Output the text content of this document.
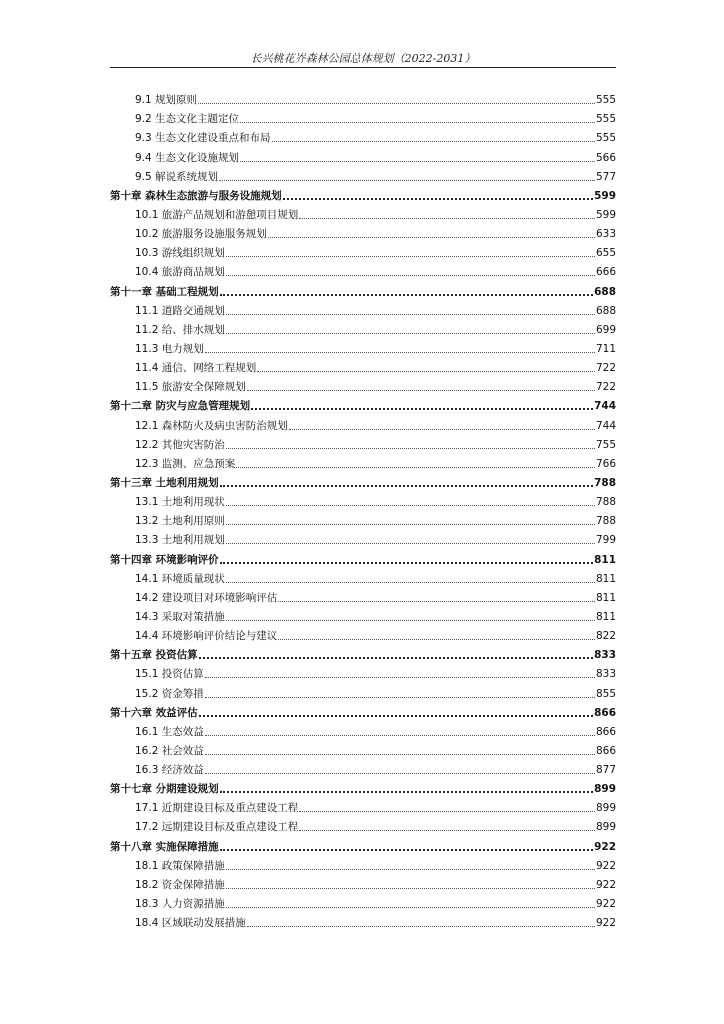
长兴桃花岕森林公园总体规划（2022-2031）
9.1 规划原则	555
9.2 生态文化主题定位	555
9.3 生态文化建设重点和布局	555
9.4 生态文化设施规划	566
9.5 解说系统规划	577
第十章 森林生态旅游与服务设施规划	599
10.1 旅游产品规划和游憩项目规划	599
10.2 旅游服务设施服务规划	633
10.3 游线组织规划	655
10.4 旅游商品规划	666
第十一章 基础工程规划	688
11.1 道路交通规划	688
11.2 给、排水规划	699
11.3 电力规划	711
11.4 通信、网络工程规划	722
11.5 旅游安全保障规划	722
第十二章 防灾与应急管理规划	744
12.1 森林防火及病虫害防治规划	744
12.2 其他灾害防治	755
12.3 监测、应急预案	766
第十三章 土地利用规划	788
13.1 土地利用现状	788
13.2 土地利用原则	788
13.3 土地利用规划	799
第十四章 环境影响评价	811
14.1 环境质量现状	811
14.2 建设项目对环境影响评估	811
14.3 采取对策措施	811
14.4 环境影响评价结论与建议	822
第十五章 投资估算	833
15.1 投资估算	833
15.2 资金筹措	855
第十六章 效益评估	866
16.1 生态效益	866
16.2 社会效益	866
16.3 经济效益	877
第十七章 分期建设规划	899
17.1 近期建设目标及重点建设工程	899
17.2 远期建设目标及重点建设工程	899
第十八章 实施保障措施	922
18.1 政策保障措施	922
18.2 资金保障措施	922
18.3 人力资源措施	922
18.4 区域联动发展措施	922
